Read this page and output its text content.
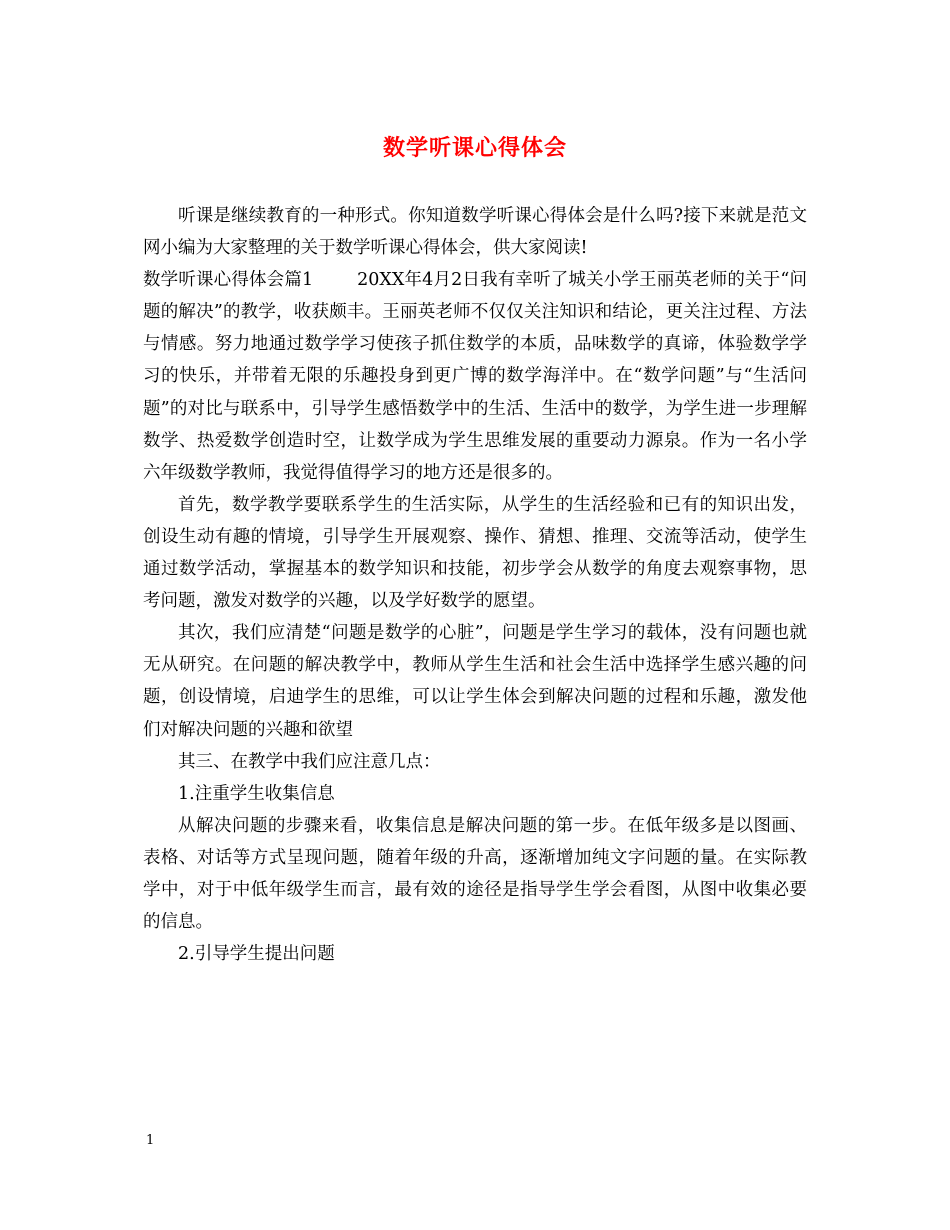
数学听课心得体会

听课是继续教育的一种形式。你知道数学听课心得体会是什么吗?接下来就是范文网小编为大家整理的关于数学听课心得体会，供大家阅读!

数学听课心得体会篇1	20XX年4月2日我有幸听了城关小学王丽英老师的关于“问题的解决”的教学，收获颇丰。王丽英老师不仅仅关注知识和结论，更关注过程、方法与情感。努力地通过数学学习使孩子抓住数学的本质，品味数学的真谛，体验数学学习的快乐，并带着无限的乐趣投身到更广博的数学海洋中。在“数学问题”与“生活问题”的对比与联系中，引导学生感悟数学中的生活、生活中的数学，为学生进一步理解数学、热爱数学创造时空，让数学成为学生思维发展的重要动力源泉。作为一名小学六年级数学教师，我觉得值得学习的地方还是很多的。

首先，数学教学要联系学生的生活实际，从学生的生活经验和已有的知识出发，创设生动有趣的情境，引导学生开展观察、操作、猜想、推理、交流等活动，使学生通过数学活动，掌握基本的数学知识和技能，初步学会从数学的角度去观察事物，思考问题，激发对数学的兴趣，以及学好数学的愿望。

其次，我们应清楚“问题是数学的心脏”，问题是学生学习的载体，没有问题也就无从研究。在问题的解决教学中，教师从学生生活和社会生活中选择学生感兴趣的问题，创设情境，启迪学生的思维，可以让学生体会到解决问题的过程和乐趣，激发他们对解决问题的兴趣和欲望

其三、在教学中我们应注意几点：

1.注重学生收集信息

从解决问题的步骤来看，收集信息是解决问题的第一步。在低年级多是以图画、表格、对话等方式呈现问题，随着年级的升高，逐渐增加纯文字问题的量。在实际教学中，对于中低年级学生而言，最有效的途径是指导学生学会看图，从图中收集必要的信息。

2.引导学生提出问题

1
